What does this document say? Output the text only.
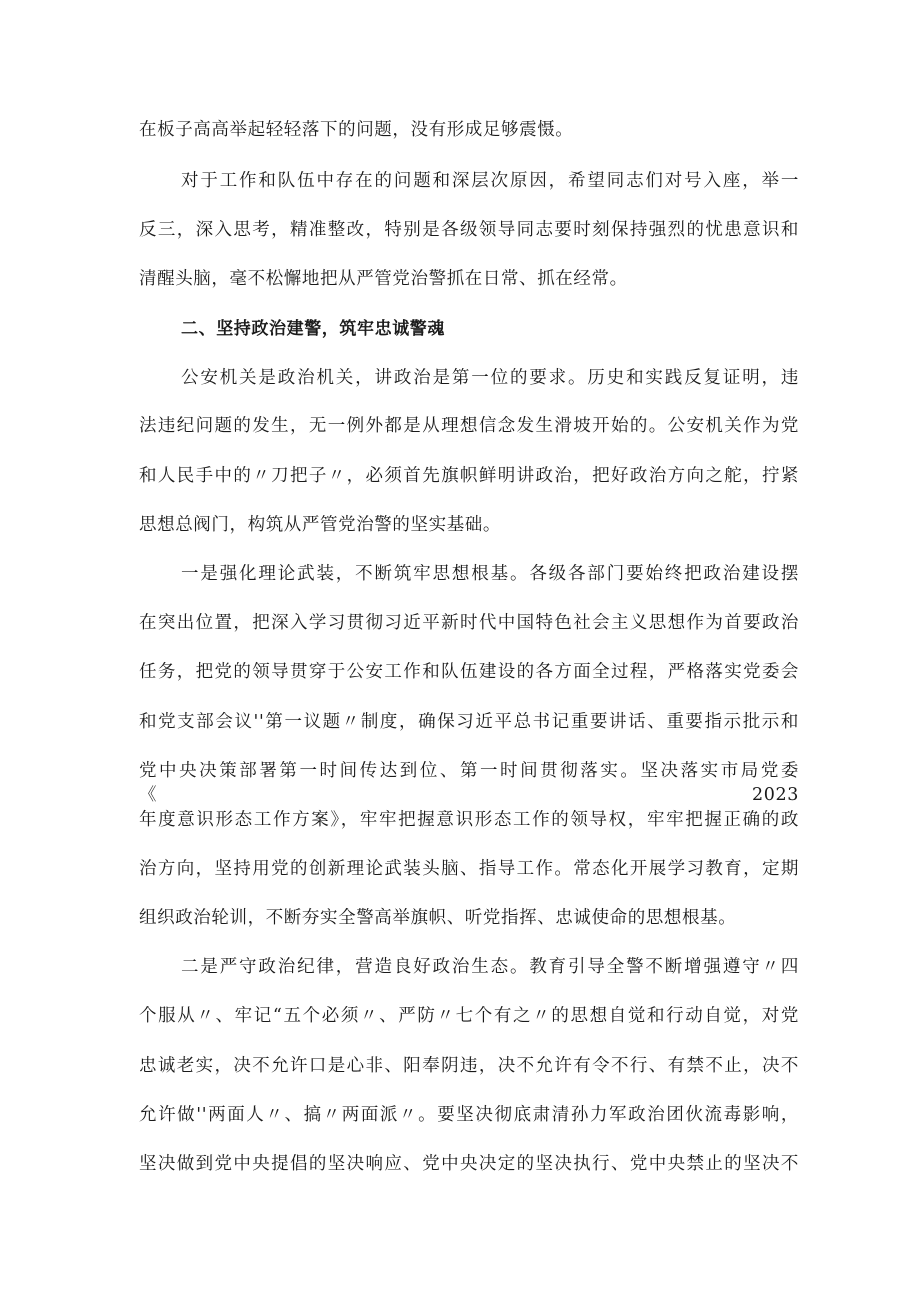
在板子高高举起轻轻落下的问题，没有形成足够震慑。
对于工作和队伍中存在的问题和深层次原因，希望同志们对号入座，举一
反三，深入思考，精准整改，特别是各级领导同志要时刻保持强烈的忧患意识和
清醒头脑，毫不松懈地把从严管党治警抓在日常、抓在经常。
二、坚持政治建警，筑牢忠诚警魂
公安机关是政治机关，讲政治是第一位的要求。历史和实践反复证明，违
法违纪问题的发生，无一例外都是从理想信念发生滑坡开始的。公安机关作为党
和人民手中的〃刀把子〃，必须首先旗帜鲜明讲政治，把好政治方向之舵，拧紧
思想总阀门，构筑从严管党治警的坚实基础。
一是强化理论武装，不断筑牢思想根基。各级各部门要始终把政治建设摆
在突出位置，把深入学习贯彻习近平新时代中国特色社会主义思想作为首要政治
任务，把党的领导贯穿于公安工作和队伍建设的各方面全过程，严格落实党委会
和党支部会议''第一议题〃制度，确保习近平总书记重要讲话、重要指示批示和
党中央决策部署第一时间传达到位、第一时间贯彻落实。坚决落实市局党委《2023
年度意识形态工作方案》，牢牢把握意识形态工作的领导权，牢牢把握正确的政
治方向，坚持用党的创新理论武装头脑、指导工作。常态化开展学习教育，定期
组织政治轮训，不断夯实全警高举旗帜、听党指挥、忠诚使命的思想根基。
二是严守政治纪律，营造良好政治生态。教育引导全警不断增强遵守〃四
个服从〃、牢记“五个必须〃、严防〃七个有之〃的思想自觉和行动自觉，对党
忠诚老实，决不允许口是心非、阳奉阴违，决不允许有令不行、有禁不止，决不
允许做''两面人〃、搞〃两面派〃。要坚决彻底肃清孙力军政治团伙流毒影响，
坚决做到党中央提倡的坚决响应、党中央决定的坚决执行、党中央禁止的坚决不
